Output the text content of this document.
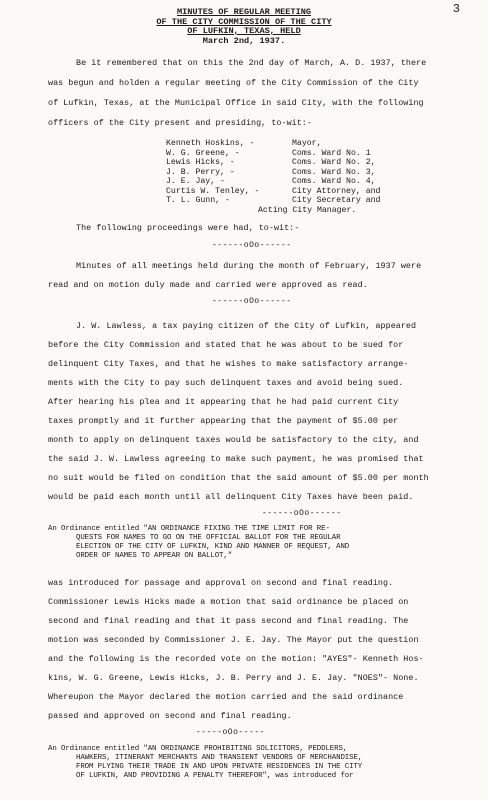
3
MINUTES OF REGULAR MEETING
OF THE CITY COMMISSION OF THE CITY
OF LUFKIN, TEXAS, HELD
March 2nd, 1937.
Be it remembered that on this the 2nd day of March, A. D. 1937, there
was begun and holden a regular meeting of the City Commission of the City
of Lufkin, Texas, at the Municipal Office in said City, with the following
officers of the City present and presiding, to-wit:-
Kenneth Hoskins, -	Mayor,
W. G. Greene, -	Coms. Ward No. 1
Lewis Hicks, -	Coms. Ward No. 2,
J. B. Perry, -	Coms. Ward No. 3,
J. E. Jay, -	Coms. Ward No. 4,
Curtis W. Tenley, -	City Attorney, and
T. L. Gunn, -	City Secretary and
Acting City Manager.
The following proceedings were had, to-wit:-
------oOo------
Minutes of all meetings held during the month of February, 1937 were
read and on motion duly made and carried were approved as read.
------oOo------
J. W. Lawless, a tax paying citizen of the City of Lufkin, appeared
before the City Commission and stated that he was about to be sued for
delinquent City Taxes, and that he wishes to make satisfactory arrange-
ments with the City to pay such delinquent taxes and avoid being sued.
After hearing his plea and it appearing that he had paid current City
taxes promptly and it further appearing that the payment of $5.00 per
month to apply on delinquent taxes would be satisfactory to the city, and
the said J. W. Lawless agreeing to make such payment, he was promised that
no suit would be filed on condition that the said amount of $5.00 per month
would be paid each month until all delinquent City Taxes have been paid.
------oOo------
An Ordinance entitled "AN ORDINANCE FIXING THE TIME LIMIT FOR RE-
QUESTS FOR NAMES TO GO ON THE OFFICIAL BALLOT FOR THE REGULAR
ELECTION OF THE CITY OF LUFKIN, KIND AND MANNER OF REQUEST, AND
ORDER OF NAMES TO APPEAR ON BALLOT,"
was introduced for passage and approval on second and final reading.
Commissioner Lewis Hicks made a motion that said ordinance be placed on
second and final reading and that it pass second and final reading. The
motion was seconded by Commissioner J. E. Jay. The Mayor put the question
and the following is the recorded vote on the motion: "AYES"- Kenneth Hos-
kins, W. G. Greene, Lewis Hicks, J. B. Perry and J. E. Jay. "NOES"- None.
Whereupon the Mayor declared the motion carried and the said ordinance
passed and approved on second and final reading.
-----oOo-----
An Ordinance entitled "AN ORDINANCE PROHIBITING SOLICITORS, PEDDLERS,
HAWKERS, ITINERANT MERCHANTS AND TRANSIENT VENDORS OF MERCHANDISE,
FROM PLYING THEIR TRADE IN AND UPON PRIVATE RESIDENCES IN THE CITY
OF LUFKIN, AND PROVIDING A PENALTY THEREFOR", was introduced for
